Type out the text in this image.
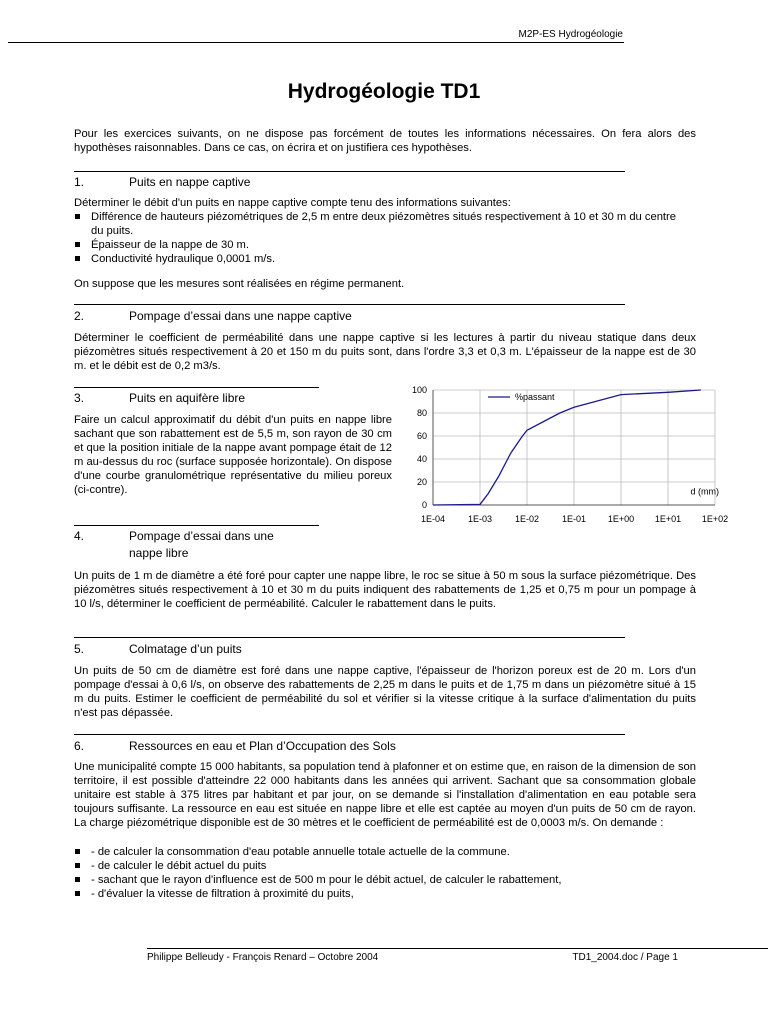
M2P-ES Hydrogéologie
Hydrogéologie TD1
Pour les exercices suivants, on ne dispose pas forcément de toutes les informations nécessaires. On fera alors des hypothèses raisonnables. Dans ce cas, on écrira et on justifiera ces hypothèses.
1.	Puits en nappe captive
Déterminer le débit d'un puits en nappe captive compte tenu des informations suivantes:
Différence de hauteurs piézométriques de 2,5 m entre deux piézomètres situés respectivement à 10 et 30 m du centre du puits.
Épaisseur de la nappe de 30 m.
Conductivité hydraulique 0,0001 m/s.
On suppose que les mesures sont réalisées en régime permanent.
2.	Pompage d’essai dans une nappe captive
Déterminer le coefficient de perméabilité dans une nappe captive si les lectures à partir du niveau statique dans deux piézomètres situés respectivement à 20 et 150 m du puits sont, dans l'ordre 3,3 et 0,3 m. L'épaisseur de la nappe est de 30 m. et le débit est de 0,2 m3/s.
3.	Puits en aquifère libre
Faire un calcul approximatif du débit d'un puits en nappe libre sachant que son rabattement est de 5,5 m, son rayon de 30 cm et que la position initiale de la nappe avant pompage était de 12 m au-dessus du roc (surface supposée horizontale). On dispose d'une courbe granulométrique représentative du milieu poreux (ci-contre).
0
20
40
60
80
100
1E-04	1E-03	1E-02	1E-01 1E+00 1E+01 1E+02
d (mm)
%passant
4.	Pompage d’essai dans une
nappe libre
Un puits de 1 m de diamètre a été foré pour capter une nappe libre, le roc se situe à 50 m sous la surface piézométrique. Des piézomètres situés respectivement à 10 et 30 m du puits indiquent des rabattements de 1,25 et 0,75 m pour un pompage à 10 l/s, déterminer le coefficient de perméabilité. Calculer le rabattement dans le puits.
5.	Colmatage d’un puits
Un puits de 50 cm de diamètre est foré dans une nappe captive, l'épaisseur de l'horizon poreux est de 20 m. Lors d'un pompage d'essai à 0,6 l/s, on observe des rabattements de 2,25 m dans le puits et de 1,75 m dans un piézomètre situé à 15 m du puits. Estimer le coefficient de perméabilité du sol et vérifier si la vitesse critique à la surface d'alimentation du puits n'est pas dépassée.
6.	Ressources en eau et Plan d’Occupation des Sols
Une municipalité compte 15 000 habitants, sa population tend à plafonner et on estime que, en raison de la dimension de son territoire, il est possible d'atteindre 22 000 habitants dans les années qui arrivent. Sachant que sa consommation globale unitaire est stable à 375 litres par habitant et par jour, on se demande si l'installation d'alimentation en eau potable sera toujours suffisante. La ressource en eau est située en nappe libre et elle est captée au moyen d'un puits de 50 cm de rayon. La charge piézométrique disponible est de 30 mètres et le coefficient de perméabilité est de 0,0003 m/s. On demande :
- de calculer la consommation d'eau potable annuelle totale actuelle de la commune.
- de calculer le débit actuel du puits
- sachant que le rayon d'influence est de 500 m pour le débit actuel, de calculer le rabattement,
- d'évaluer la vitesse de filtration à proximité du puits,
Philippe Belleudy - François Renard – Octobre 2004	TD1_2004.doc / Page 1
